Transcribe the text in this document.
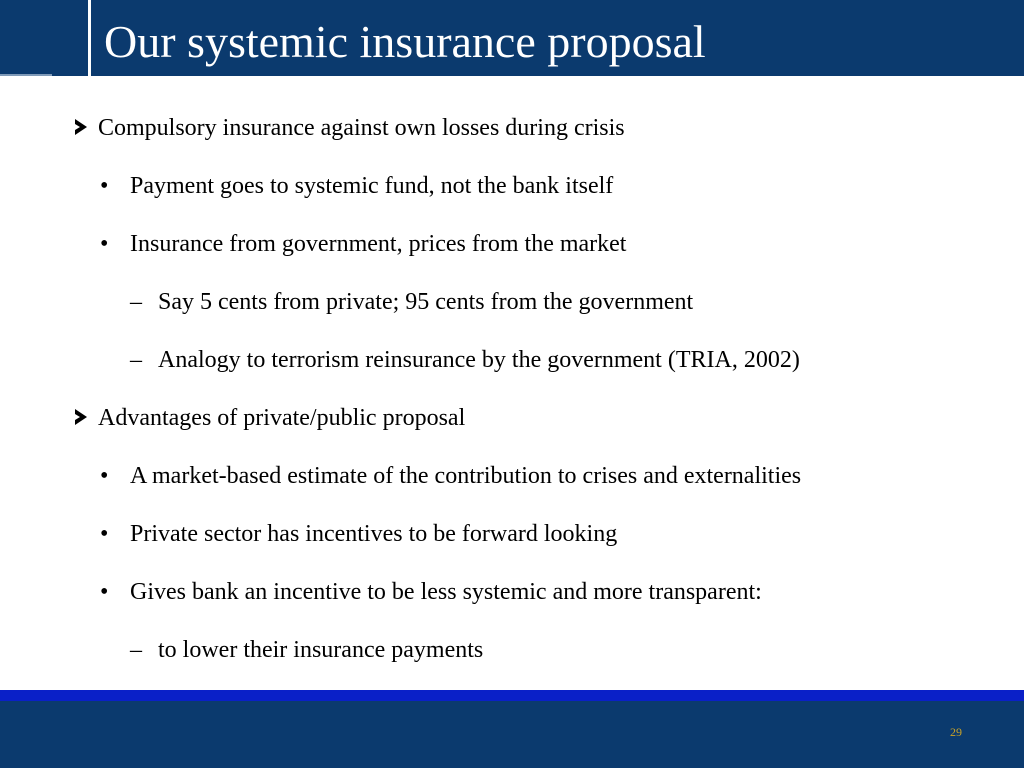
Our systemic insurance proposal
Compulsory insurance against own losses during crisis
• Payment goes to systemic fund, not the bank itself
• Insurance from government, prices from the market
– Say 5 cents from private; 95 cents from the government
– Analogy to terrorism reinsurance by the government (TRIA, 2002)
Advantages of private/public proposal
• A market-based estimate of the contribution to crises and externalities
• Private sector has incentives to be forward looking
• Gives bank an incentive to be less systemic and more transparent:
– to lower their insurance payments
29
